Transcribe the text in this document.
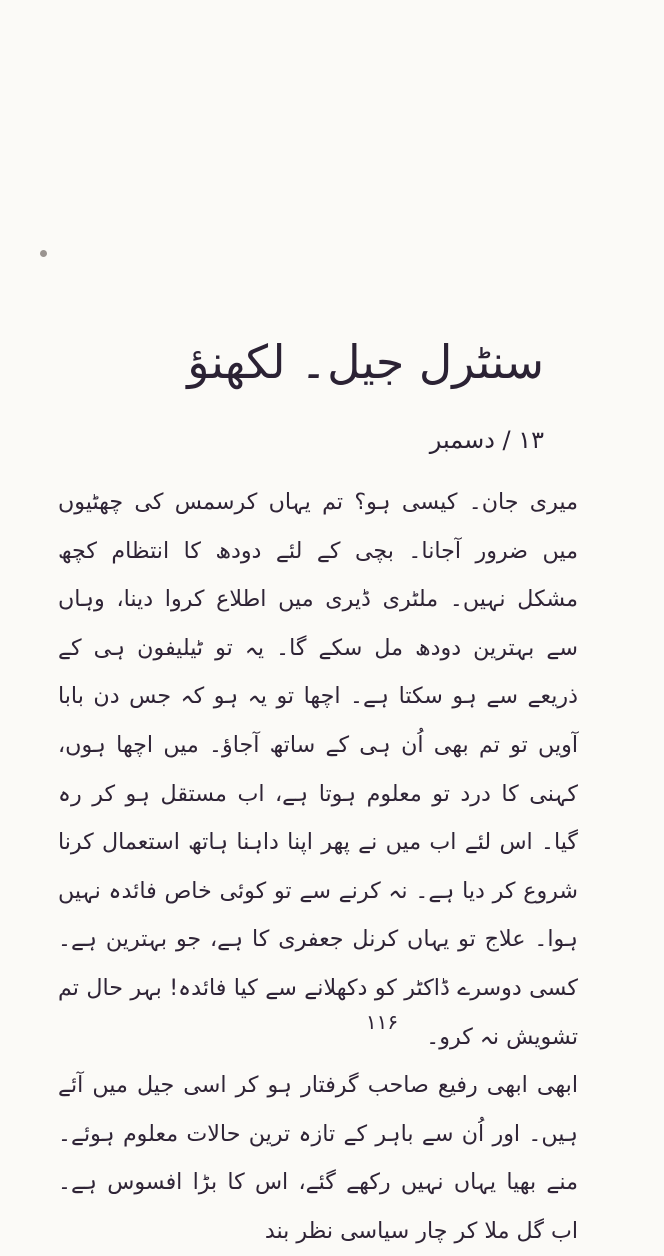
سنٹرل جیل۔ لکھنؤ
۱۳ / دسمبر

میری جان۔ کیسی ہو؟ تم یہاں کرسمس کی چھٹیوں میں ضرور آجانا۔ بچی کے لئے دودھ کا انتظام کچھ مشکل نہیں۔ ملٹری ڈیری میں اطلاع کروا دینا، وہاں سے بہترین دودھ مل سکے گا۔ یہ تو ٹیلیفون ہی کے ذریعے سے ہو سکتا ہے۔ اچھا تو یہ ہو کہ جس دن بابا آویں تو تم بھی اُن ہی کے ساتھ آجاؤ۔ میں اچھا ہوں، کہنی کا درد تو معلوم ہوتا ہے، اب مستقل ہو کر رہ گیا۔ اس لئے اب میں نے پھر اپنا داہنا ہاتھ استعمال کرنا شروع کر دیا ہے۔ نہ کرنے سے تو کوئی خاص فائدہ نہیں ہوا۔ علاج تو یہاں کرنل جعفری کا ہے، جو بہترین ہے۔ کسی دوسرے ڈاکٹر کو دکھلانے سے کیا فائدہ! بہر حال تم تشویش نہ کرو۔

ابھی ابھی رفیع صاحب گرفتار ہو کر اسی جیل میں آئے ہیں۔ اور اُن سے باہر کے تازہ ترین حالات معلوم ہوئے۔ منے بھیا یہاں نہیں رکھے گئے، اس کا بڑا افسوس ہے۔ اب گل ملا کر چار سیاسی نظر بند

۱۱۶
